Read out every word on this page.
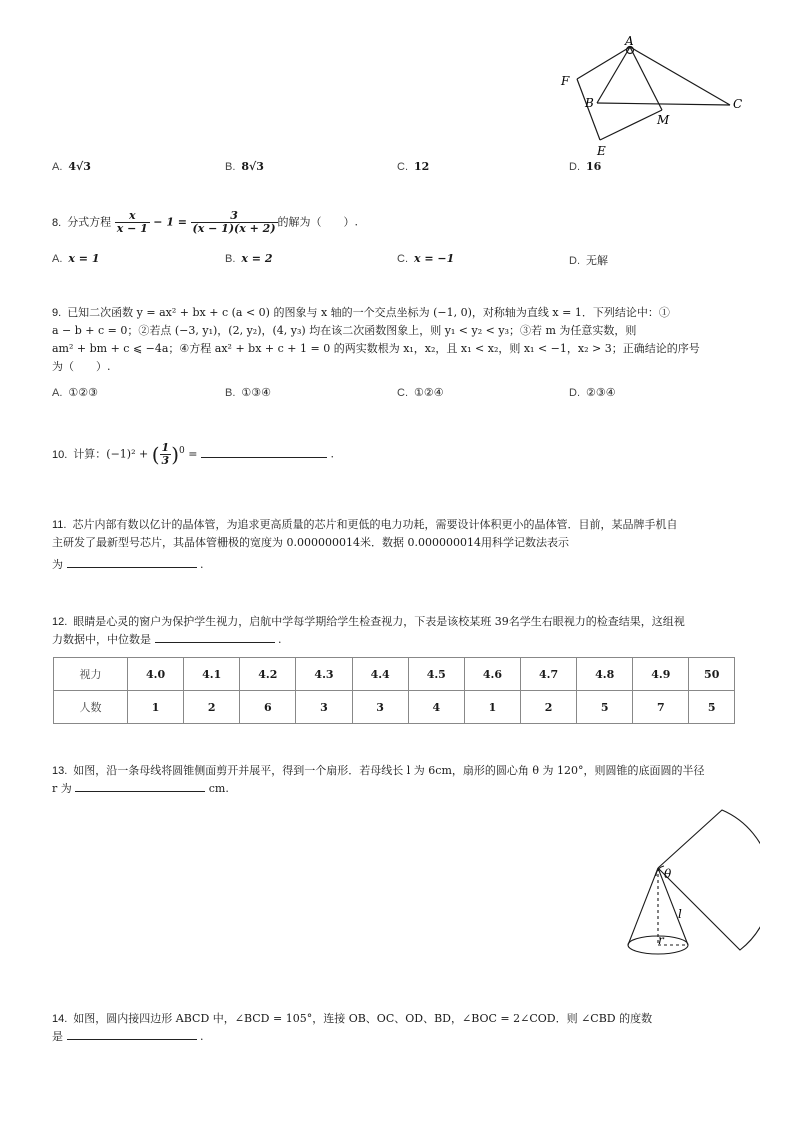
A
F
B
M
C
E
A. 4√3	B. 8√3	C. 12	D. 16
8. 分式方程 $\frac{x}{x - 1} - 1 = \frac{3}{(x - 1)(x + 2)}$ 的解为（　　）.
A. x = 1	B. x = 2	C. x = −1	D. 无解
9. 已知二次函数 y = ax² + bx + c (a < 0) 的图象与 x 轴的一个交点坐标为 (−1, 0)，对称轴为直线 x = 1．下列结论中：①
a − b + c = 0；②若点 (−3, y₁)，(2, y₂)，(4, y₃) 均在该二次函数图象上，则 y₁ < y₂ < y₃；③若 m 为任意实数，则
am² + bm + c ⩽ −4a；④方程 ax² + bx + c + 1 = 0 的两实数根为 x₁，x₂，且 x₁ < x₂，则 x₁ < −1，x₂ > 3；正确结论的序号
为（　　）.
A. ①②③	B. ①③④	C. ①②④	D. ②③④
10. 计算：(−1)² + ( $\frac{1}{3} )^0$ =	.
11. 芯片内部有数以亿计的晶体管，为追求更高质量的芯片和更低的电力功耗，需要设计体积更小的晶体管．目前，某品牌手机自
主研发了最新型号芯片，其晶体管栅极的宽度为 0.000000014米．数据 0.000000014用科学记数法表示
为	.
12. 眼睛是心灵的窗户为保护学生视力，启航中学每学期给学生检查视力，下表是该校某班 39名学生右眼视力的检查结果，这组视
力数据中，中位数是	.
视力	4.0	4.1	4.2	4.3	4.4	4.5	4.6	4.7	4.8	4.9	50
人数	1	2	6	3	3	4	1	2	5	7	5
13. 如图，沿一条母线将圆锥侧面剪开并展平，得到一个扇形．若母线长 l 为 6cm，扇形的圆心角 θ 为 120°，则圆锥的底面圆的半径
r 为	cm.
θ
l
r
14. 如图，圆内接四边形 ABCD 中，∠BCD = 105°，连接 OB、OC、OD、BD，∠BOC = 2∠COD．则 ∠CBD 的度数
是	.
